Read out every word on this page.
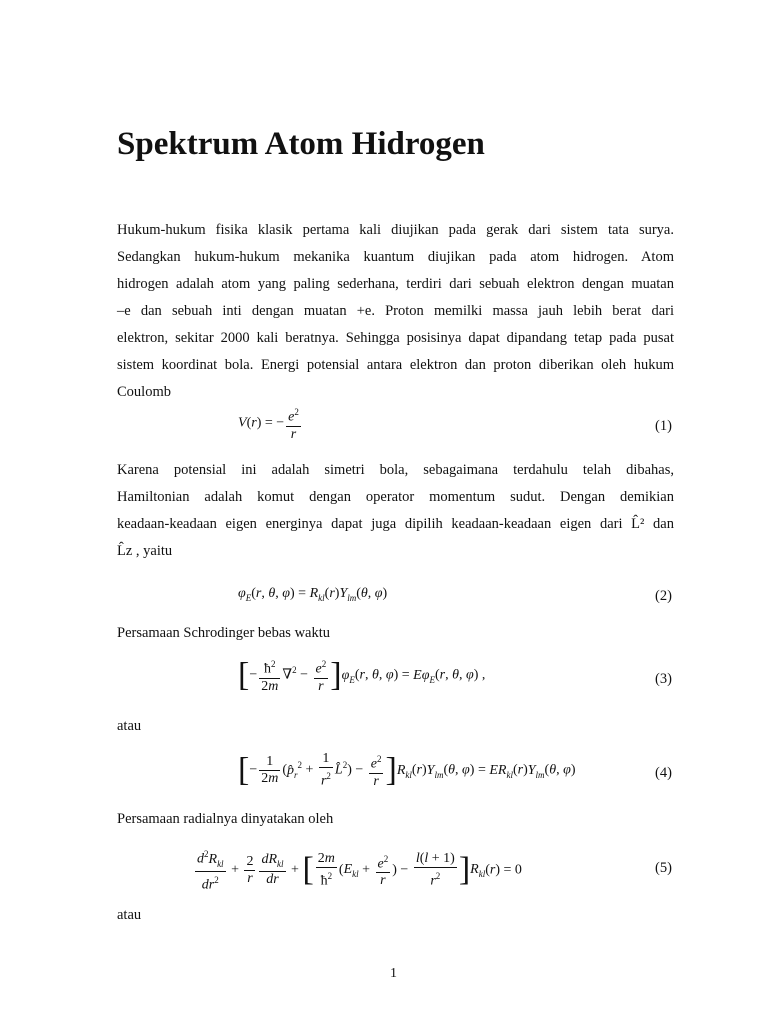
Spektrum Atom Hidrogen
Hukum-hukum fisika klasik pertama kali diujikan pada gerak dari sistem tata surya.
Sedangkan hukum-hukum mekanika kuantum diujikan pada atom hidrogen. Atom
hidrogen adalah atom yang paling sederhana, terdiri dari sebuah elektron dengan muatan
–e dan sebuah inti dengan muatan +e. Proton memilki massa jauh lebih berat dari
elektron, sekitar 2000 kali beratnya. Sehingga posisinya dapat dipandang tetap pada pusat
sistem koordinat bola. Energi potensial antara elektron dan proton diberikan oleh hukum
Coulomb
V(r) = − $\frac{e^2}{r}$	(1)
Karena potensial ini adalah simetri bola, sebagaimana terdahulu telah dibahas,
Hamiltonian adalah komut dengan operator momentum sudut. Dengan demikian
keadaan-keadaan eigen energinya dapat juga dipilih keadaan-keadaan eigen dari L̂² dan
L̂z , yaitu
$\varphi_E(r$, θ, $\varphi) = R_{kl}(r)Y_{lm}(\theta$, φ)	(2)
Persamaan Schrodinger bebas waktu
[− $\frac{ħ^2}{2m} \nabla^2 - \frac{e^2}{r} ]\varphi_E(r$, θ, $\varphi) = E\varphi_E(r$, θ, φ) ,	(3)
atau
[− $\frac{1}{2m}$ ($p̂_r^2 + \frac{1}{r^2}$ L̂$^2$) − $\frac{e^2}{r} ]R_{kl}(r)Y_{lm}(\theta$, $\varphi) = ER_{kl}(r)Y_{lm}(\theta$, φ)	(4)
Persamaan radialnya dinyatakan oleh
$\frac{d^2R_{kl}}{dr^2} + \frac{2}{r} \frac{dR_{kl}}{dr}$ + [ $\frac{2m}{ħ^2} (E_{kl} + \frac{e^2}{r}$ ) − $\frac{l(l + 1)}{r^2} ]R_{kl}(r) = 0$	(5)
atau
1
